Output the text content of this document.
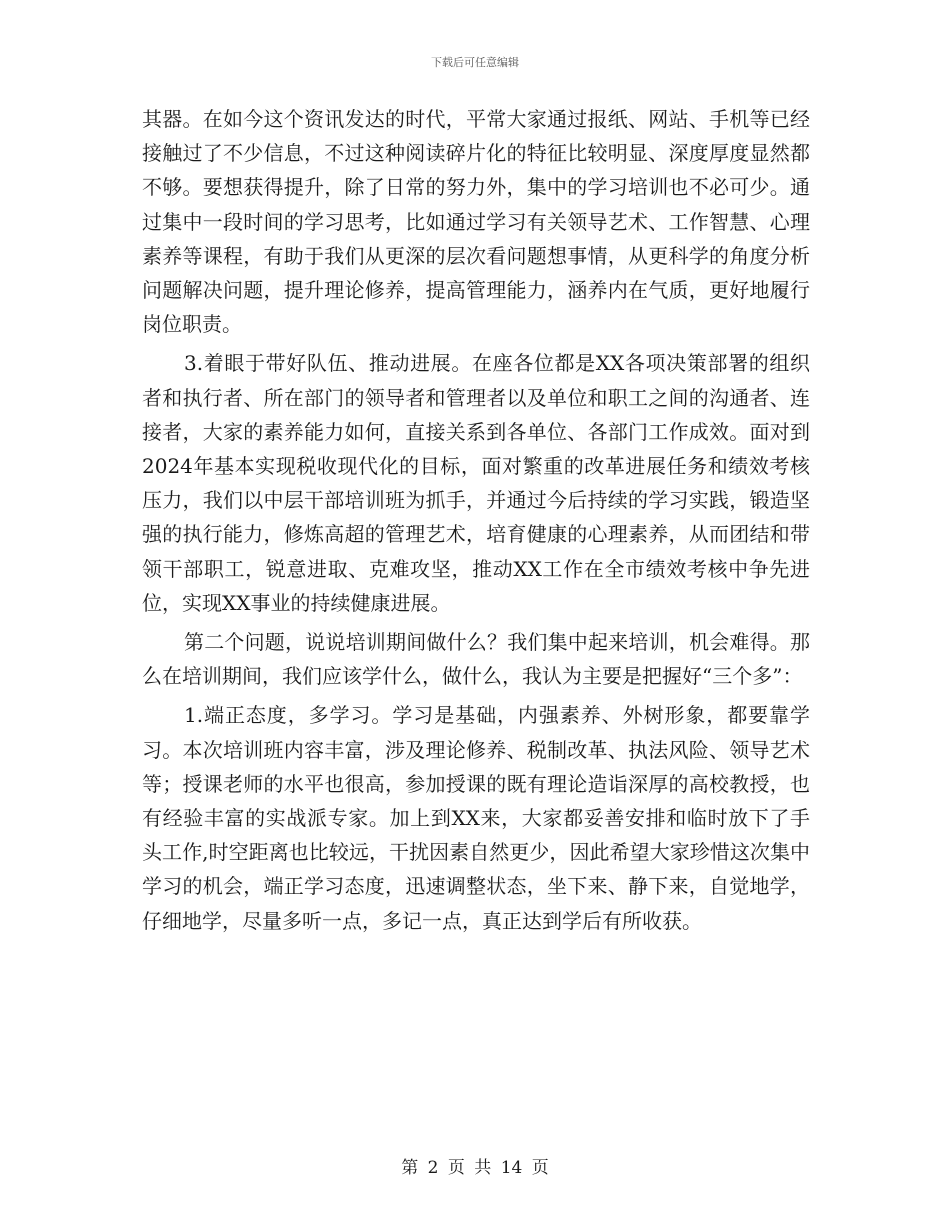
下载后可任意编辑

其器。在如今这个资讯发达的时代，平常大家通过报纸、网站、手机等已经接触过了不少信息，不过这种阅读碎片化的特征比较明显、深度厚度显然都不够。要想获得提升，除了日常的努力外，集中的学习培训也不必可少。通过集中一段时间的学习思考，比如通过学习有关领导艺术、工作智慧、心理素养等课程，有助于我们从更深的层次看问题想事情，从更科学的角度分析问题解决问题，提升理论修养，提高管理能力，涵养内在气质，更好地履行岗位职责。

3.着眼于带好队伍、推动进展。在座各位都是XX各项决策部署的组织者和执行者、所在部门的领导者和管理者以及单位和职工之间的沟通者、连接者，大家的素养能力如何，直接关系到各单位、各部门工作成效。面对到2024年基本实现税收现代化的目标，面对繁重的改革进展任务和绩效考核压力，我们以中层干部培训班为抓手，并通过今后持续的学习实践，锻造坚强的执行能力，修炼高超的管理艺术，培育健康的心理素养，从而团结和带领干部职工，锐意进取、克难攻坚，推动XX工作在全市绩效考核中争先进位，实现XX事业的持续健康进展。

第二个问题，说说培训期间做什么？我们集中起来培训，机会难得。那么在培训期间，我们应该学什么，做什么，我认为主要是把握好“三个多”：

1.端正态度，多学习。学习是基础，内强素养、外树形象，都要靠学习。本次培训班内容丰富，涉及理论修养、税制改革、执法风险、领导艺术等；授课老师的水平也很高，参加授课的既有理论造诣深厚的高校教授，也有经验丰富的实战派专家。加上到XX来，大家都妥善安排和临时放下了手头工作,时空距离也比较远，干扰因素自然更少，因此希望大家珍惜这次集中学习的机会，端正学习态度，迅速调整状态，坐下来、静下来，自觉地学，仔细地学，尽量多听一点，多记一点，真正达到学后有所收获。

第 2 页 共 14 页
